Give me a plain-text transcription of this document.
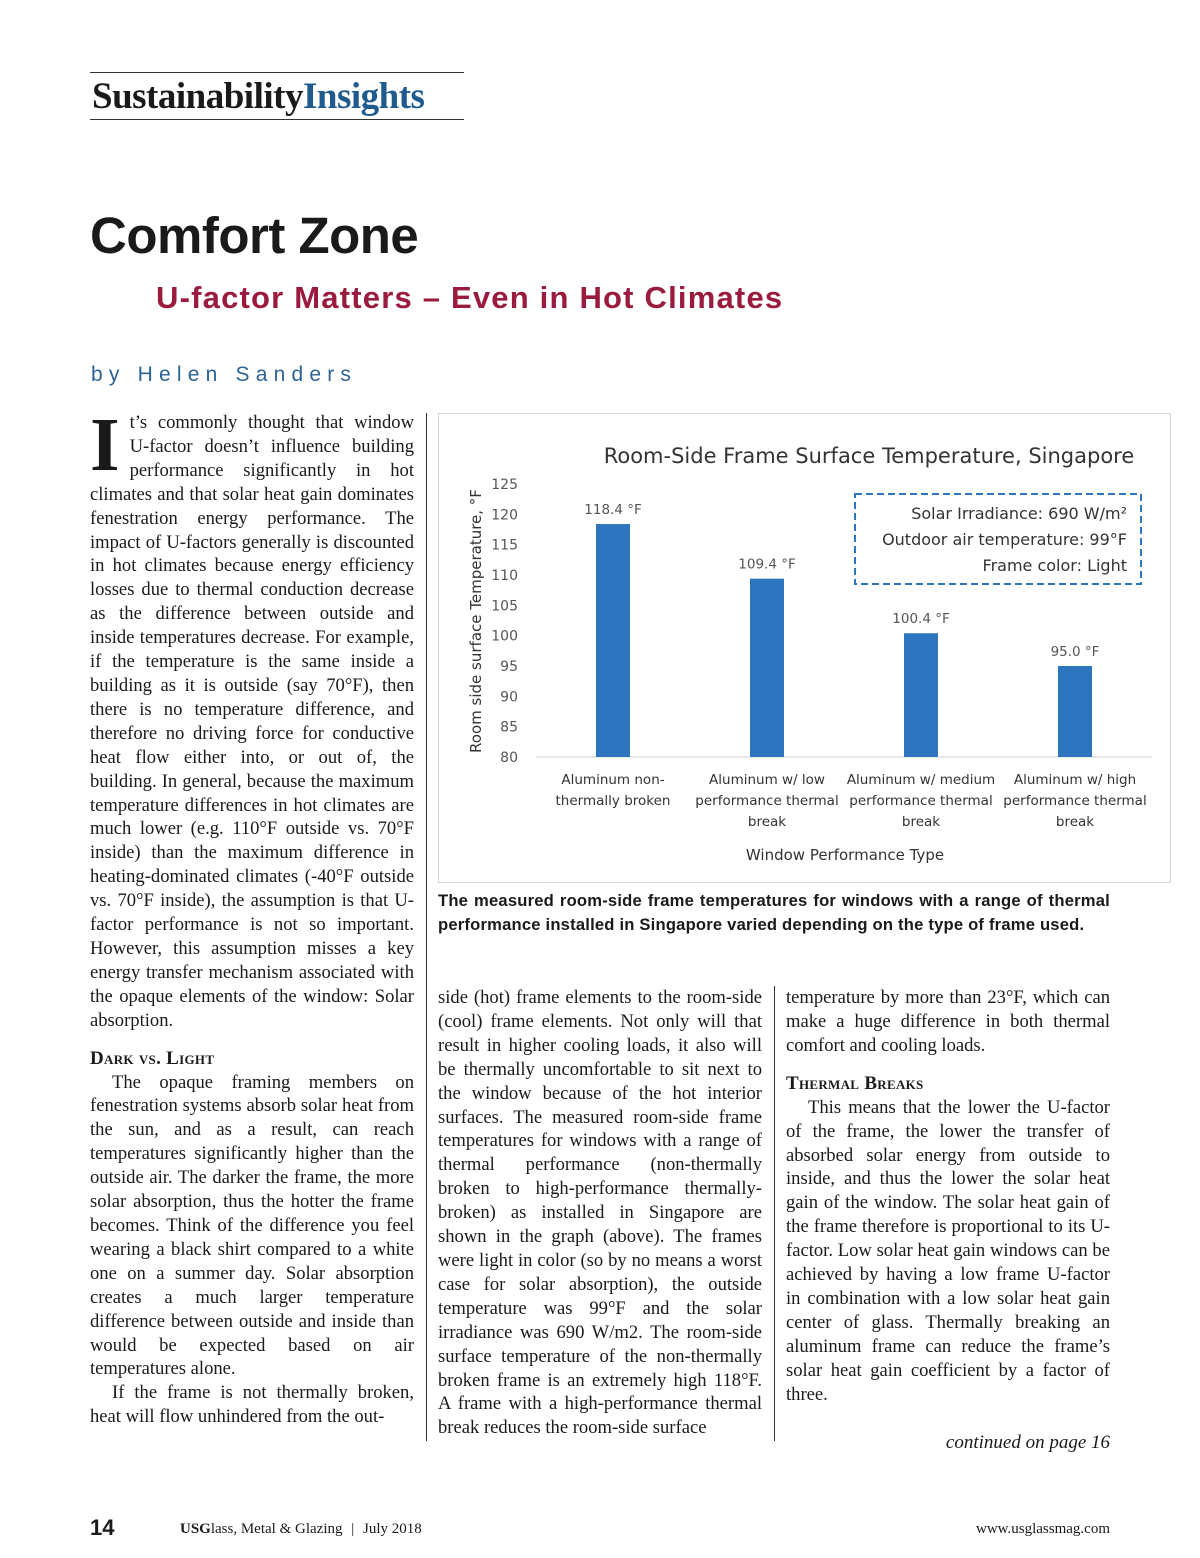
SustainabilityInsights
Comfort Zone
U-factor Matters – Even in Hot Climates
by Helen Sanders

It’s commonly thought that window U-factor doesn’t influence building performance significantly in hot climates and that solar heat gain dominates fenestration energy performance. The impact of U-factors generally is discounted in hot climates because energy efficiency losses due to thermal conduction decrease as the difference between outside and inside temperatures decrease. For example, if the temperature is the same inside a building as it is outside (say 70°F), then there is no temperature difference, and therefore no driving force for conductive heat flow either into, or out of, the building. In general, because the maximum temperature differences in hot climates are much lower (e.g. 110°F outside vs. 70°F inside) than the maximum difference in heating-dominated climates (-40°F outside vs. 70°F inside), the assumption is that U-factor performance is not so important. However, this assumption misses a key energy transfer mechanism associated with the opaque elements of the window: Solar absorption.

Dark vs. Light

The opaque framing members on fenestration systems absorb solar heat from the sun, and as a result, can reach temperatures significantly higher than the outside air. The darker the frame, the more solar absorption, thus the hotter the frame becomes. Think of the difference you feel wearing a black shirt compared to a white one on a summer day. Solar absorption creates a much larger temperature difference between outside and inside than would be expected based on air temperatures alone.

If the frame is not thermally broken, heat will flow unhindered from the out-

Room-Side Frame Surface Temperature, Singapore
Room side surface Temperature, °F
80
85
90
95
100
105
110
115
120
125
118.4 °F
109.4 °F
100.4 °F
95.0 °F
Aluminum non-thermally broken
Aluminum w/ low performance thermal break
Aluminum w/ medium performance thermal break
Aluminum w/ high performance thermal break
Window Performance Type
Solar Irradiance: 690 W/m²
Outdoor air temperature: 99°F
Frame color: Light
The measured room-side frame temperatures for windows with a range of thermal performance installed in Singapore varied depending on the type of frame used.

side (hot) frame elements to the room-side (cool) frame elements. Not only will that result in higher cooling loads, it also will be thermally uncomfortable to sit next to the window because of the hot interior surfaces. The measured room-side frame temperatures for windows with a range of thermal performance (non-thermally broken to high-performance thermally-broken) as installed in Singapore are shown in the graph (above). The frames were light in color (so by no means a worst case for solar absorption), the outside temperature was 99°F and the solar irradiance was 690 W/m2. The room-side surface temperature of the non-thermally broken frame is an extremely high 118°F. A frame with a high-performance thermal break reduces the room-side surface

temperature by more than 23°F, which can make a huge difference in both thermal comfort and cooling loads.

Thermal Breaks

This means that the lower the U-factor of the frame, the lower the transfer of absorbed solar energy from outside to inside, and thus the lower the solar heat gain of the window. The solar heat gain of the frame therefore is proportional to its U-factor. Low solar heat gain windows can be achieved by having a low frame U-factor in combination with a low solar heat gain center of glass. Thermally breaking an aluminum frame can reduce the frame’s solar heat gain coefficient by a factor of three.

continued on page 16
14	USGlass, Metal & Glazing | July 2018	www.usglassmag.com
